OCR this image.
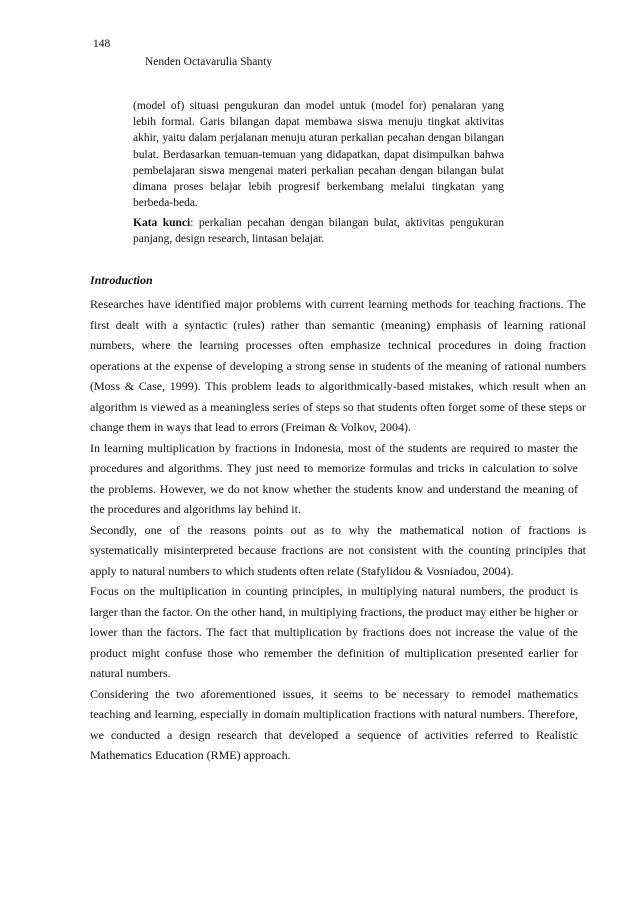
148
Nenden Octavarulia Shanty

(model of) situasi pengukuran dan model untuk (model for) penalaran yang lebih formal. Garis bilangan dapat membawa siswa menuju tingkat aktivitas akhir, yaitu dalam perjalanan menuju aturan perkalian pecahan dengan bilangan bulat. Berdasarkan temuan-temuan yang didapatkan, dapat disimpulkan bahwa pembelajaran siswa mengenai materi perkalian pecahan dengan bilangan bulat dimana proses belajar lebih progresif berkembang melalui tingkatan yang berbeda-beda.

Kata kunci: perkalian pecahan dengan bilangan bulat, aktivitas pengukuran panjang, design research, lintasan belajar.
Introduction

Researches have identified major problems with current learning methods for teaching fractions. The first dealt with a syntactic (rules) rather than semantic (meaning) emphasis of learning rational numbers, where the learning processes often emphasize technical procedures in doing fraction operations at the expense of developing a strong sense in students of the meaning of rational numbers (Moss & Case, 1999). This problem leads to algorithmically-based mistakes, which result when an algorithm is viewed as a meaningless series of steps so that students often forget some of these steps or change them in ways that lead to errors (Freiman & Volkov, 2004).

In learning multiplication by fractions in Indonesia, most of the students are required to master the procedures and algorithms. They just need to memorize formulas and tricks in calculation to solve the problems. However, we do not know whether the students know and understand the meaning of the procedures and algorithms lay behind it.

Secondly, one of the reasons points out as to why the mathematical notion of fractions is systematically misinterpreted because fractions are not consistent with the counting principles that apply to natural numbers to which students often relate (Stafylidou & Vosniadou, 2004).

Focus on the multiplication in counting principles, in multiplying natural numbers, the product is larger than the factor. On the other hand, in multiplying fractions, the product may either be higher or lower than the factors. The fact that multiplication by fractions does not increase the value of the product might confuse those who remember the definition of multiplication presented earlier for natural numbers.

Considering the two aforementioned issues, it seems to be necessary to remodel mathematics teaching and learning, especially in domain multiplication fractions with natural numbers. Therefore, we conducted a design research that developed a sequence of activities referred to Realistic Mathematics Education (RME) approach.
